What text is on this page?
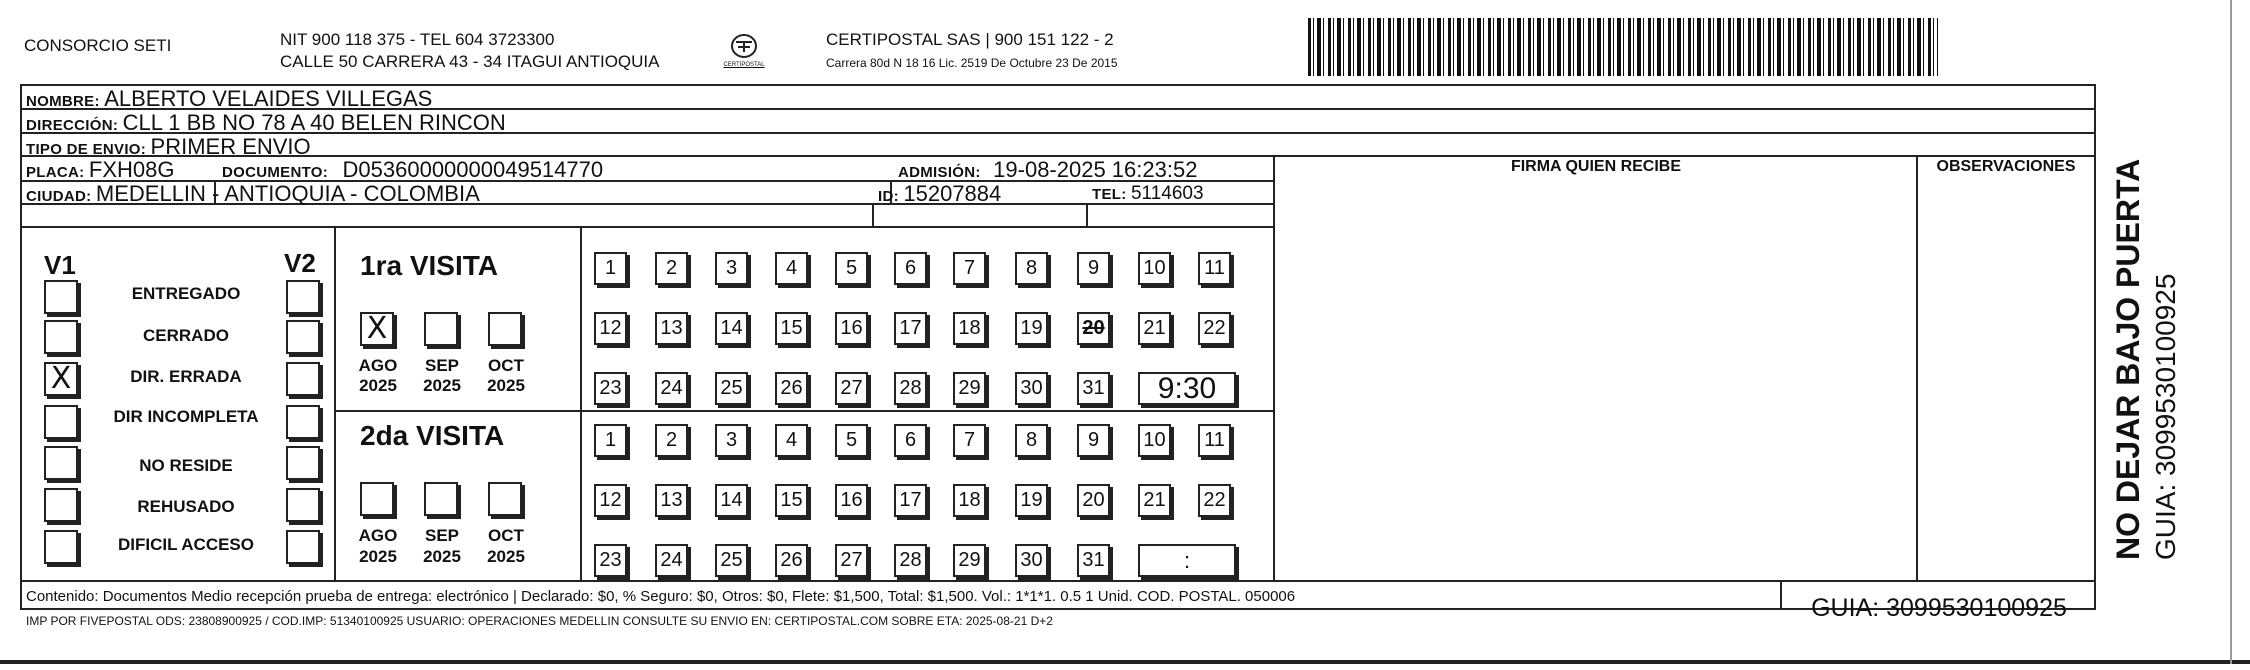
CONSORCIO SETI	NIT 900 118 375 - TEL 604 3723300
CALLE 50 CARRERA 43 - 34 ITAGUI ANTIOQUIA	CERTIPOSTAL
CERTIPOSTAL SAS | 900 151 122 - 2
Carrera 80d N 18 16 Lic. 2519 De Octubre 23 De 2015
NOMBRE: ALBERTO VELAIDES VILLEGAS
DIRECCIÓN: CLL 1 BB NO 78 A 40 BELEN RINCON
TIPO DE ENVIO: PRIMER ENVIO
PLACA: FXH08G	DOCUMENTO: D05360000000049514770	ADMISIÓN: 19-08-2025 16:23:52
CIUDAD: MEDELLIN - ANTIOQUIA - COLOMBIA	ID: 15207884	TEL: 5114603
FIRMA QUIEN RECIBE	OBSERVACIONES
V1	V2
ENTREGADO
CERRADO
X	DIR. ERRADA
DIR INCOMPLETA
NO RESIDE
REHUSADO
DIFICIL ACCESO
1ra VISITA
2da VISITA
X
AGO
2025
SEP
2025
OCT
2025
1	2	3	4	5	6	7	8	9	10	11
12 13 14 15 16 17 18 19 20 21 22
23 24 25 26 27 28 29 30 31	9:30
AGO
2025
SEP
2025
OCT
2025
1	2	3	4	5	6	7	8	9	10	11
12 13 14 15 16 17 18 19 20 21 22
23 24 25 26 27 28 29 30 31	:
Contenido: Documentos Medio recepción prueba de entrega: electrónico | Declarado: $0, % Seguro: $0, Otros: $0, Flete: $1,500, Total: $1,500. Vol.: 1*1*1. 0.5 1 Unid. COD. POSTAL. 050006
IMP POR FIVEPOSTAL ODS: 23808900925 / COD.IMP: 51340100925 USUARIO: OPERACIONES MEDELLIN CONSULTE SU ENVIO EN: CERTIPOSTAL.COM SOBRE ETA: 2025-08-21 D+2	GUIA: 3099530100925
NO DEJAR BAJO PUERTA GUIA: 3099530100925
